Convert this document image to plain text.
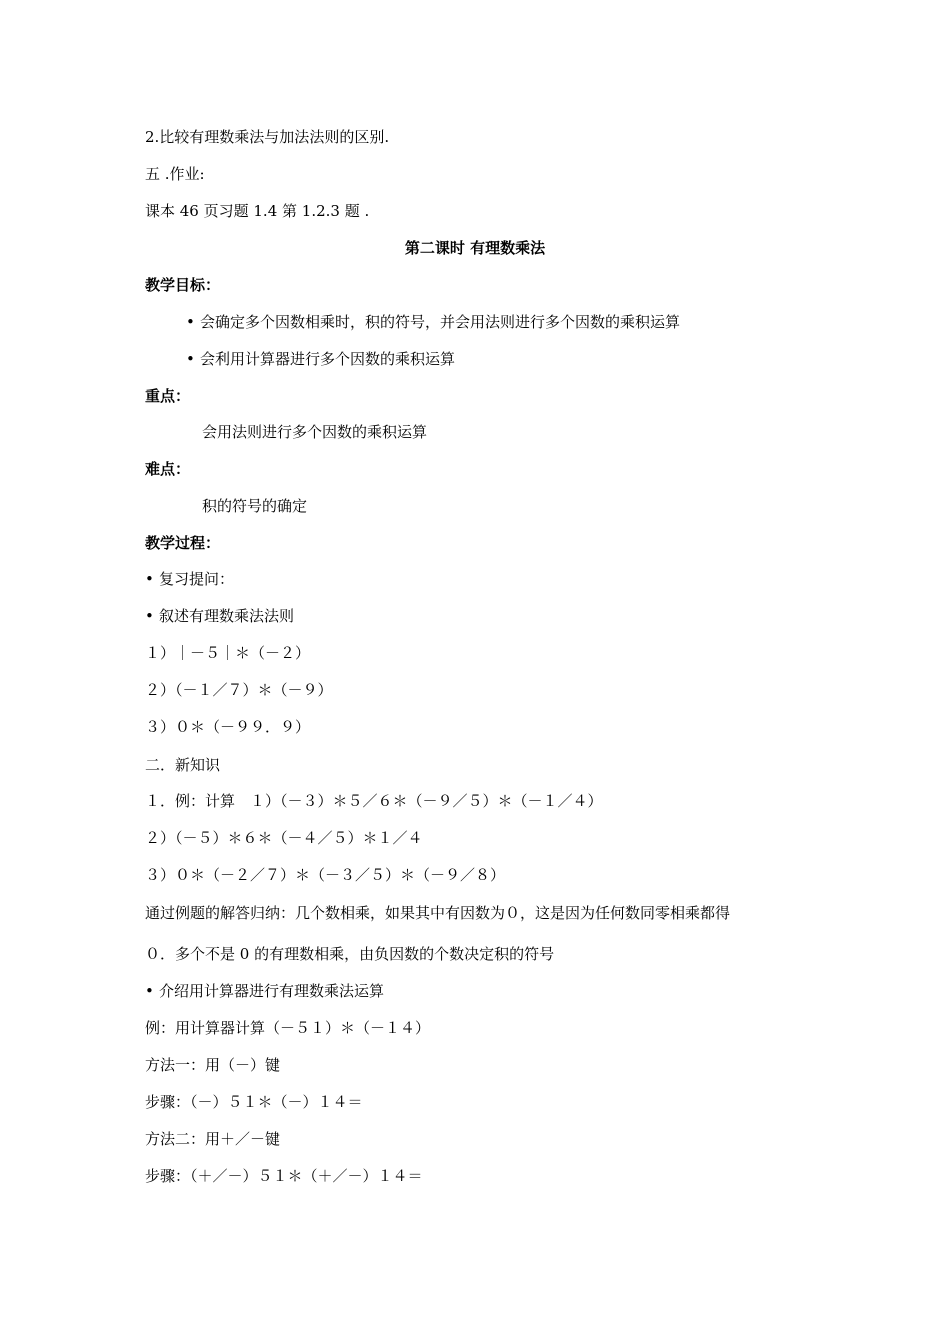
2.比较有理数乘法与加法法则的区别.
五 .作业:
课本 46 页习题 1.4 第 1.2.3 题 .
第二课时 有理数乘法
教学目标：
• 会确定多个因数相乘时，积的符号，并会用法则进行多个因数的乘积运算
• 会利用计算器进行多个因数的乘积运算
重点：
会用法则进行多个因数的乘积运算
难点：
积的符号的确定
教学过程：
• 复习提问：
• 叙述有理数乘法法则
１）｜－５｜＊（－２）
２）（－１／７）＊（－９）
３）０＊（－９９．９）
二．新知识
１．例：计算　１）（－３）＊５／６＊（－９／５）＊（－１／４）
２）（－５）＊６＊（－４／５）＊１／４
３）０＊（－２／７）＊（－３／５）＊（－９／８）
通过例题的解答归纳：几个数相乘，如果其中有因数为０，这是因为任何数同零相乘都得
０．多个不是 0 的有理数相乘，由负因数的个数决定积的符号
• 介绍用计算器进行有理数乘法运算
例：用计算器计算（－５１）＊（－１４）
方法一：用（－）键
步骤：（－）５１＊（－）１４＝
方法二：用＋／－键
步骤：（＋／－）５１＊（＋／－）１４＝
